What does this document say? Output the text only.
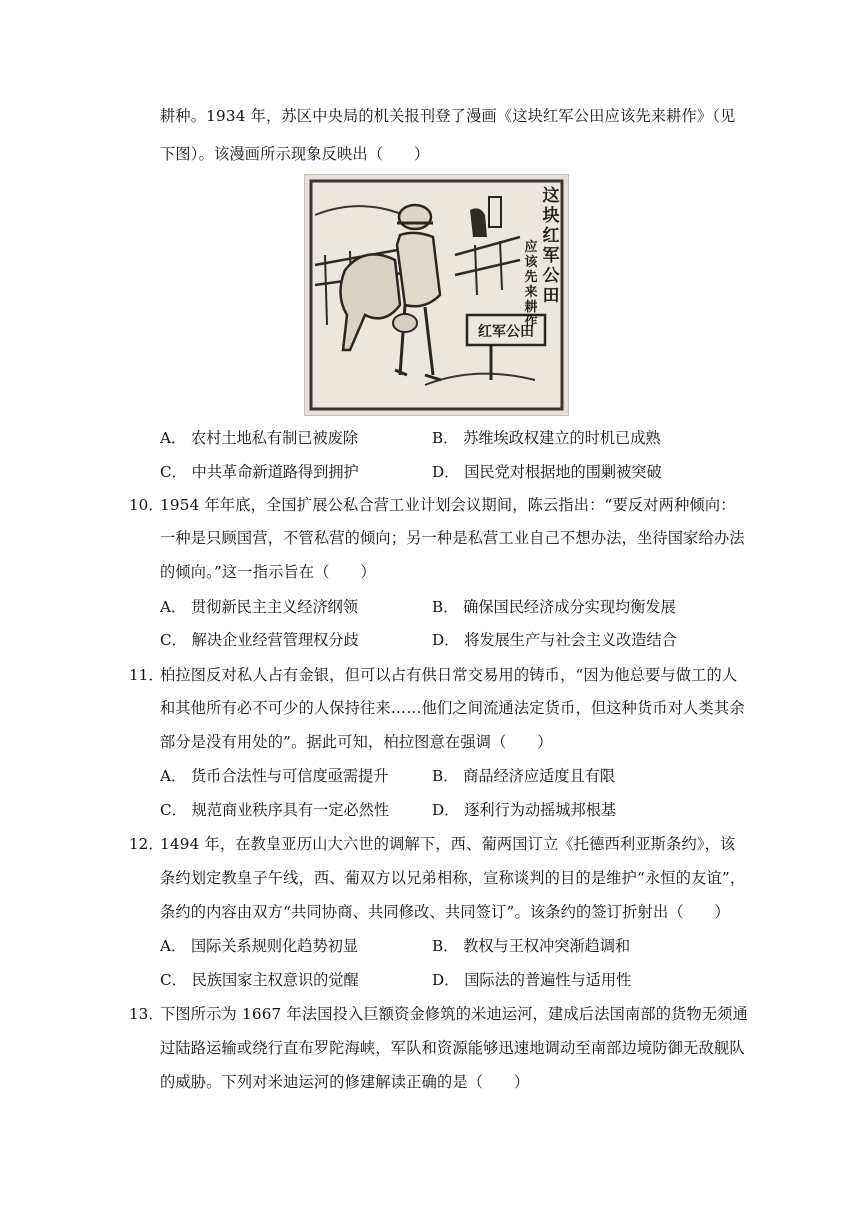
耕种。1934 年，苏区中央局的机关报刊登了漫画《这块红军公田应该先来耕作》（见
下图）。该漫画所示现象反映出（　　）
红军公田
这块红军公田应该先来耕作
A． 农村土地私有制已被废除	B． 苏维埃政权建立的时机已成熟
C． 中共革命新道路得到拥护	D． 国民党对根据地的围剿被突破
10．
1954 年年底，全国扩展公私合营工业计划会议期间，陈云指出：“要反对两种倾向：
一种是只顾国营，不管私营的倾向；另一种是私营工业自己不想办法，坐待国家给办法
的倾向。”这一指示旨在（　　）
A． 贯彻新民主主义经济纲领	B． 确保国民经济成分实现均衡发展
C． 解决企业经营管理权分歧	D． 将发展生产与社会主义改造结合
11．
柏拉图反对私人占有金银，但可以占有供日常交易用的铸币，“因为他总要与做工的人
和其他所有必不可少的人保持往来……他们之间流通法定货币，但这种货币对人类其余
部分是没有用处的”。据此可知，柏拉图意在强调（　　）
A． 货币合法性与可信度亟需提升	B． 商品经济应适度且有限
C． 规范商业秩序具有一定必然性	D． 逐利行为动摇城邦根基
12．
1494 年，在教皇亚历山大六世的调解下，西、葡两国订立《托德西利亚斯条约》，该
条约划定教皇子午线，西、葡双方以兄弟相称，宣称谈判的目的是维护“永恒的友谊”，
条约的内容由双方“共同协商、共同修改、共同签订”。该条约的签订折射出（　　）
A． 国际关系规则化趋势初显	B． 教权与王权冲突渐趋调和
C． 民族国家主权意识的觉醒	D． 国际法的普遍性与适用性
13．
下图所示为 1667 年法国投入巨额资金修筑的米迪运河，建成后法国南部的货物无须通
过陆路运输或绕行直布罗陀海峡，军队和资源能够迅速地调动至南部边境防御无敌舰队
的威胁。下列对米迪运河的修建解读正确的是（　　）
